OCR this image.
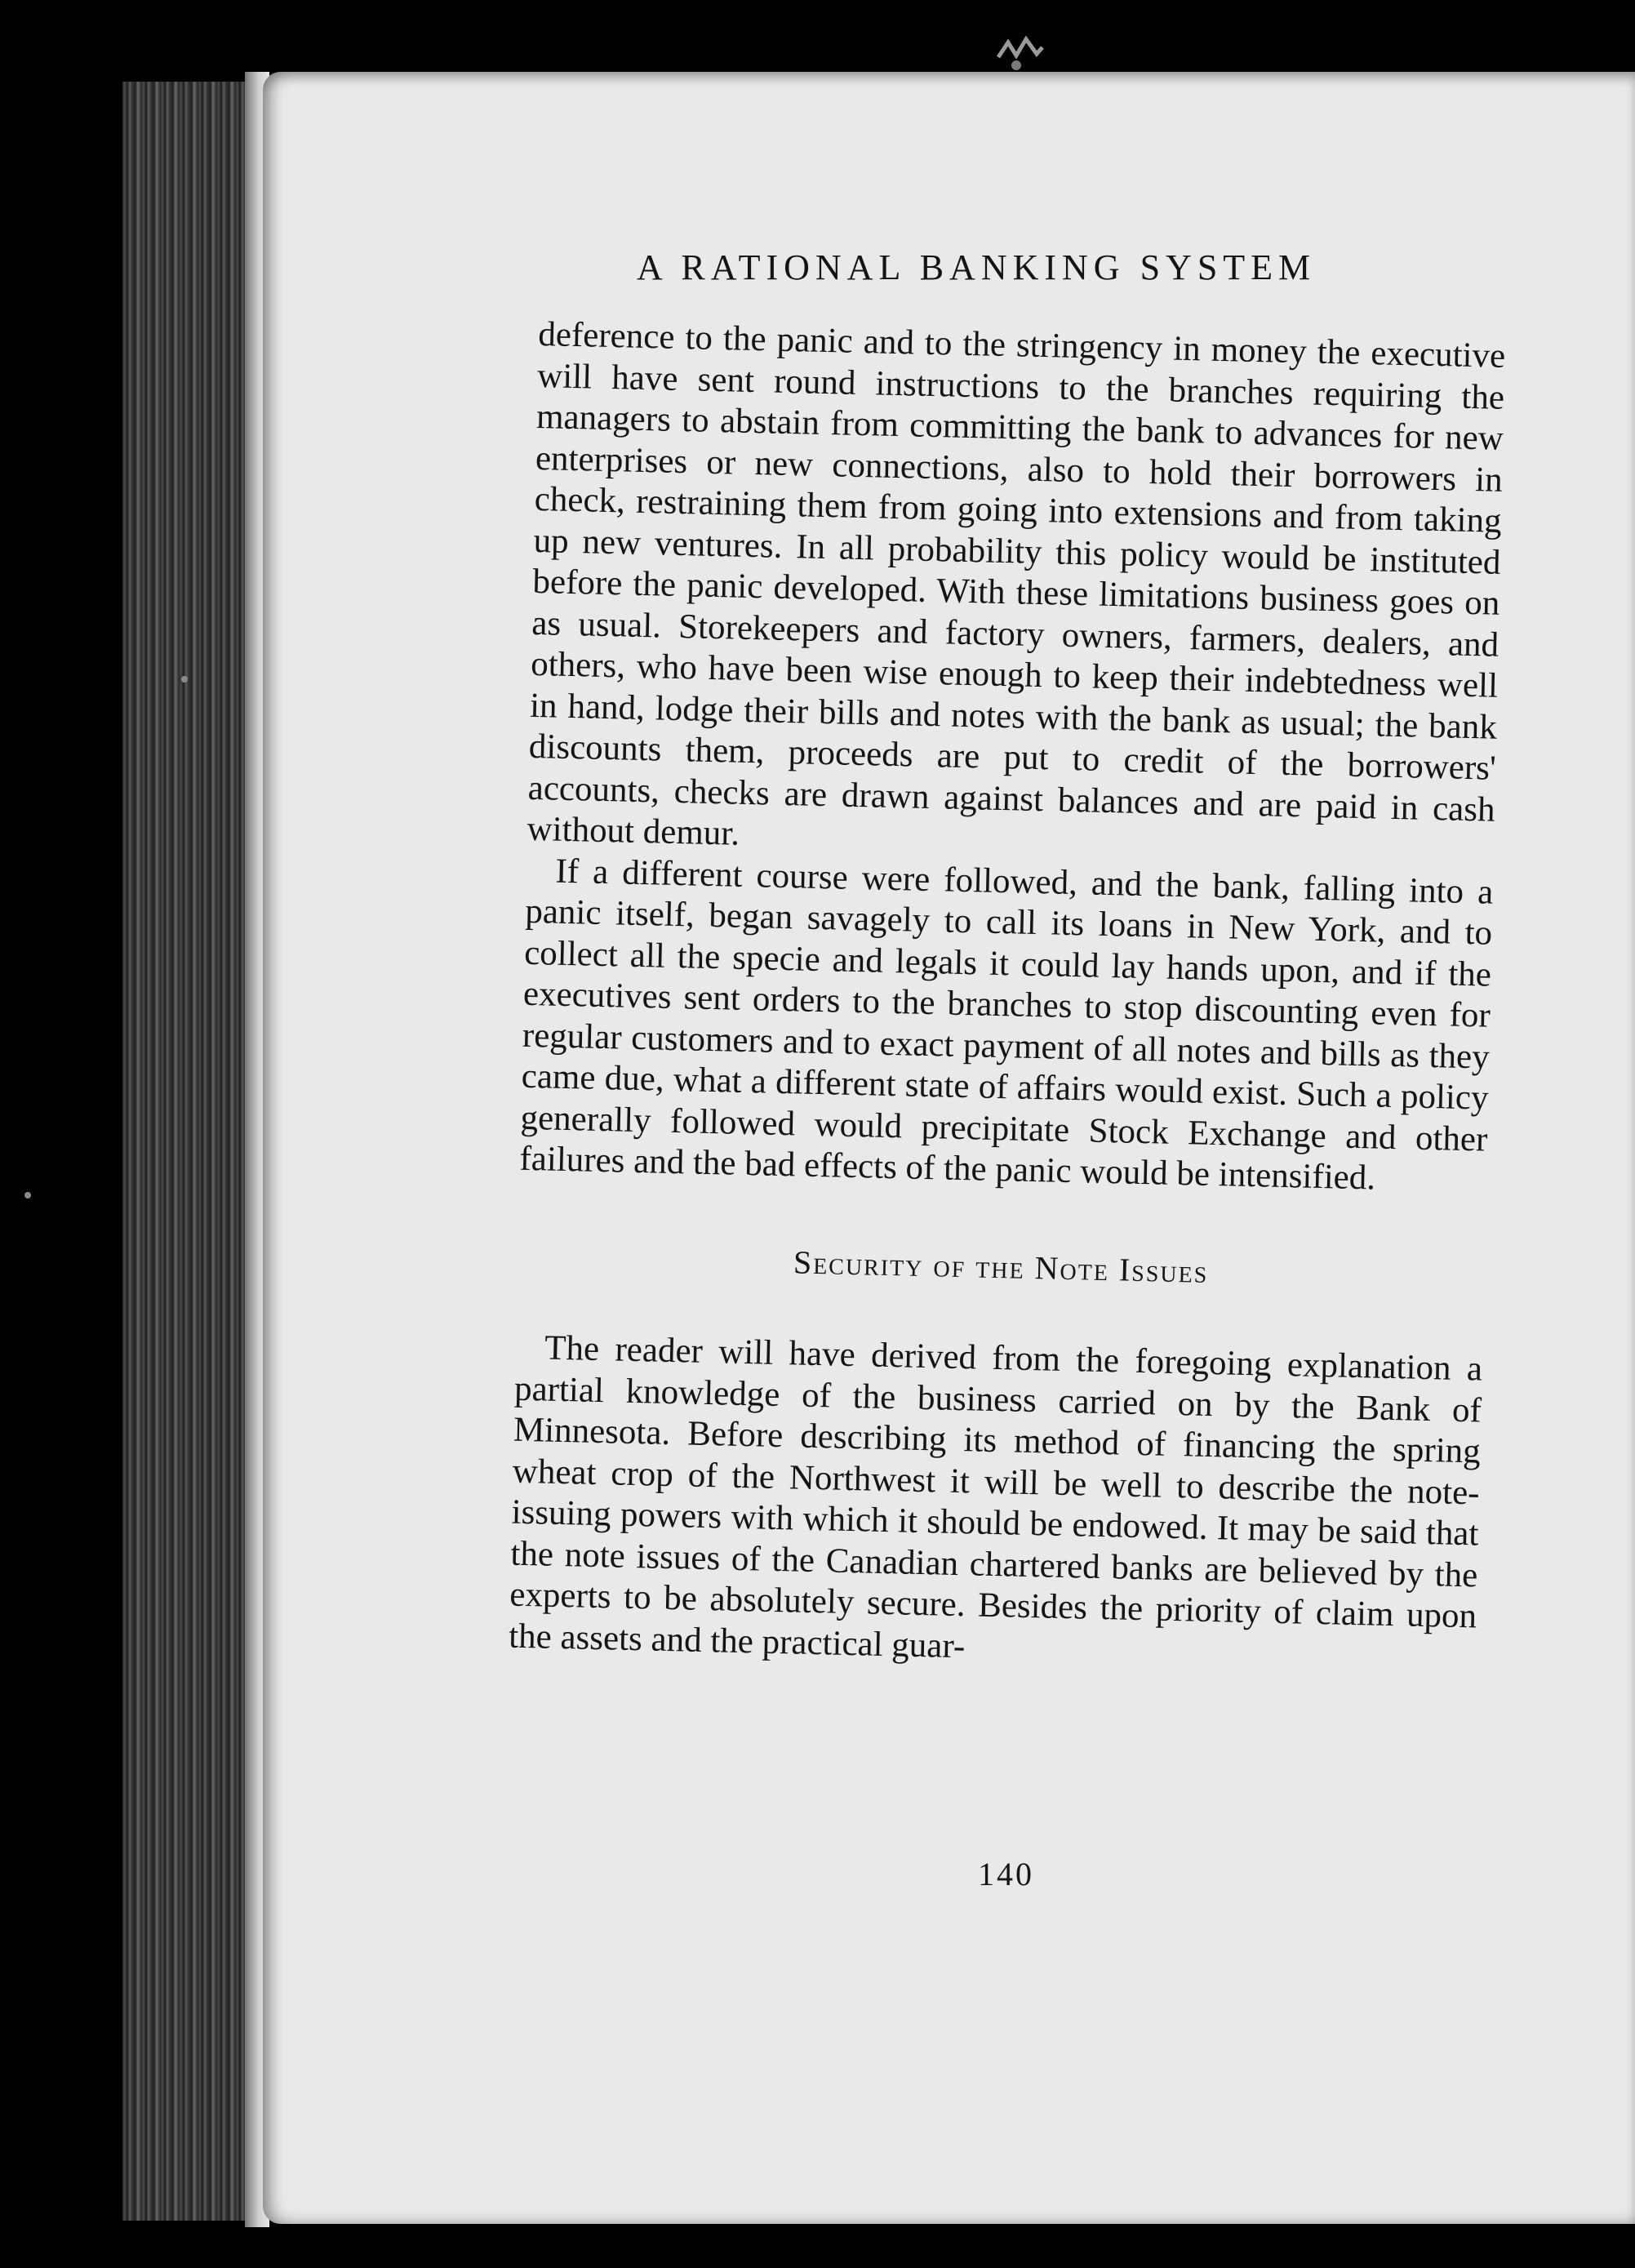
A RATIONAL BANKING SYSTEM

deference to the panic and to the stringency in money the executive will have sent round instructions to the branches requiring the managers to abstain from committing the bank to advances for new enterprises or new connections, also to hold their borrowers in check, restraining them from going into extensions and from taking up new ventures. In all probability this policy would be instituted before the panic developed. With these limitations business goes on as usual. Storekeepers and factory owners, farmers, dealers, and others, who have been wise enough to keep their indebtedness well in hand, lodge their bills and notes with the bank as usual; the bank discounts them, proceeds are put to credit of the borrowers' accounts, checks are drawn against balances and are paid in cash without demur.

If a different course were followed, and the bank, falling into a panic itself, began savagely to call its loans in New York, and to collect all the specie and legals it could lay hands upon, and if the executives sent orders to the branches to stop discounting even for regular customers and to exact payment of all notes and bills as they came due, what a different state of affairs would exist. Such a policy generally followed would precipitate Stock Exchange and other failures and the bad effects of the panic would be intensified.

Security of the Note Issues

The reader will have derived from the foregoing explanation a partial knowledge of the business carried on by the Bank of Minnesota. Before describing its method of financing the spring wheat crop of the Northwest it will be well to describe the note-issuing powers with which it should be endowed. It may be said that the note issues of the Canadian chartered banks are believed by the experts to be absolutely secure. Besides the priority of claim upon the assets and the practical guar-

140
